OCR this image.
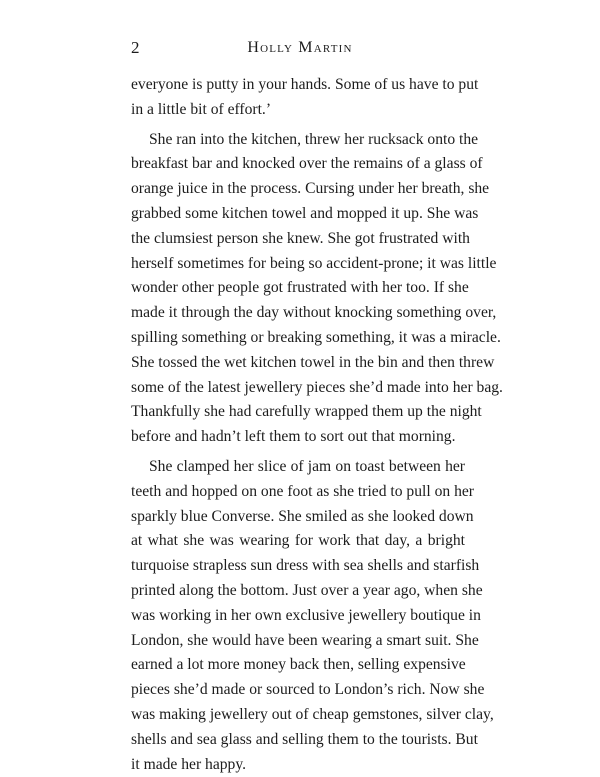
2	Holly Martin
everyone is putty in your hands. Some of us have to put
in a little bit of effort.’
She ran into the kitchen, threw her rucksack onto the
breakfast bar and knocked over the remains of a glass of
orange juice in the process. Cursing under her breath, she
grabbed some kitchen towel and mopped it up. She was
the clumsiest person she knew. She got frustrated with
herself sometimes for being so accident-prone; it was little
wonder other people got frustrated with her too. If she
made it through the day without knocking something over,
spilling something or breaking something, it was a miracle.
She tossed the wet kitchen towel in the bin and then threw
some of the latest jewellery pieces she’d made into her bag.
Thankfully she had carefully wrapped them up the night
before and hadn’t left them to sort out that morning.
She clamped her slice of jam on toast between her
teeth and hopped on one foot as she tried to pull on her
sparkly blue Converse. She smiled as she looked down
at what she was wearing for work that day, a bright
turquoise strapless sun dress with sea shells and starfish
printed along the bottom. Just over a year ago, when she
was working in her own exclusive jewellery boutique in
London, she would have been wearing a smart suit. She
earned a lot more money back then, selling expensive
pieces she’d made or sourced to London’s rich. Now she
was making jewellery out of cheap gemstones, silver clay,
shells and sea glass and selling them to the tourists. But
it made her happy.
